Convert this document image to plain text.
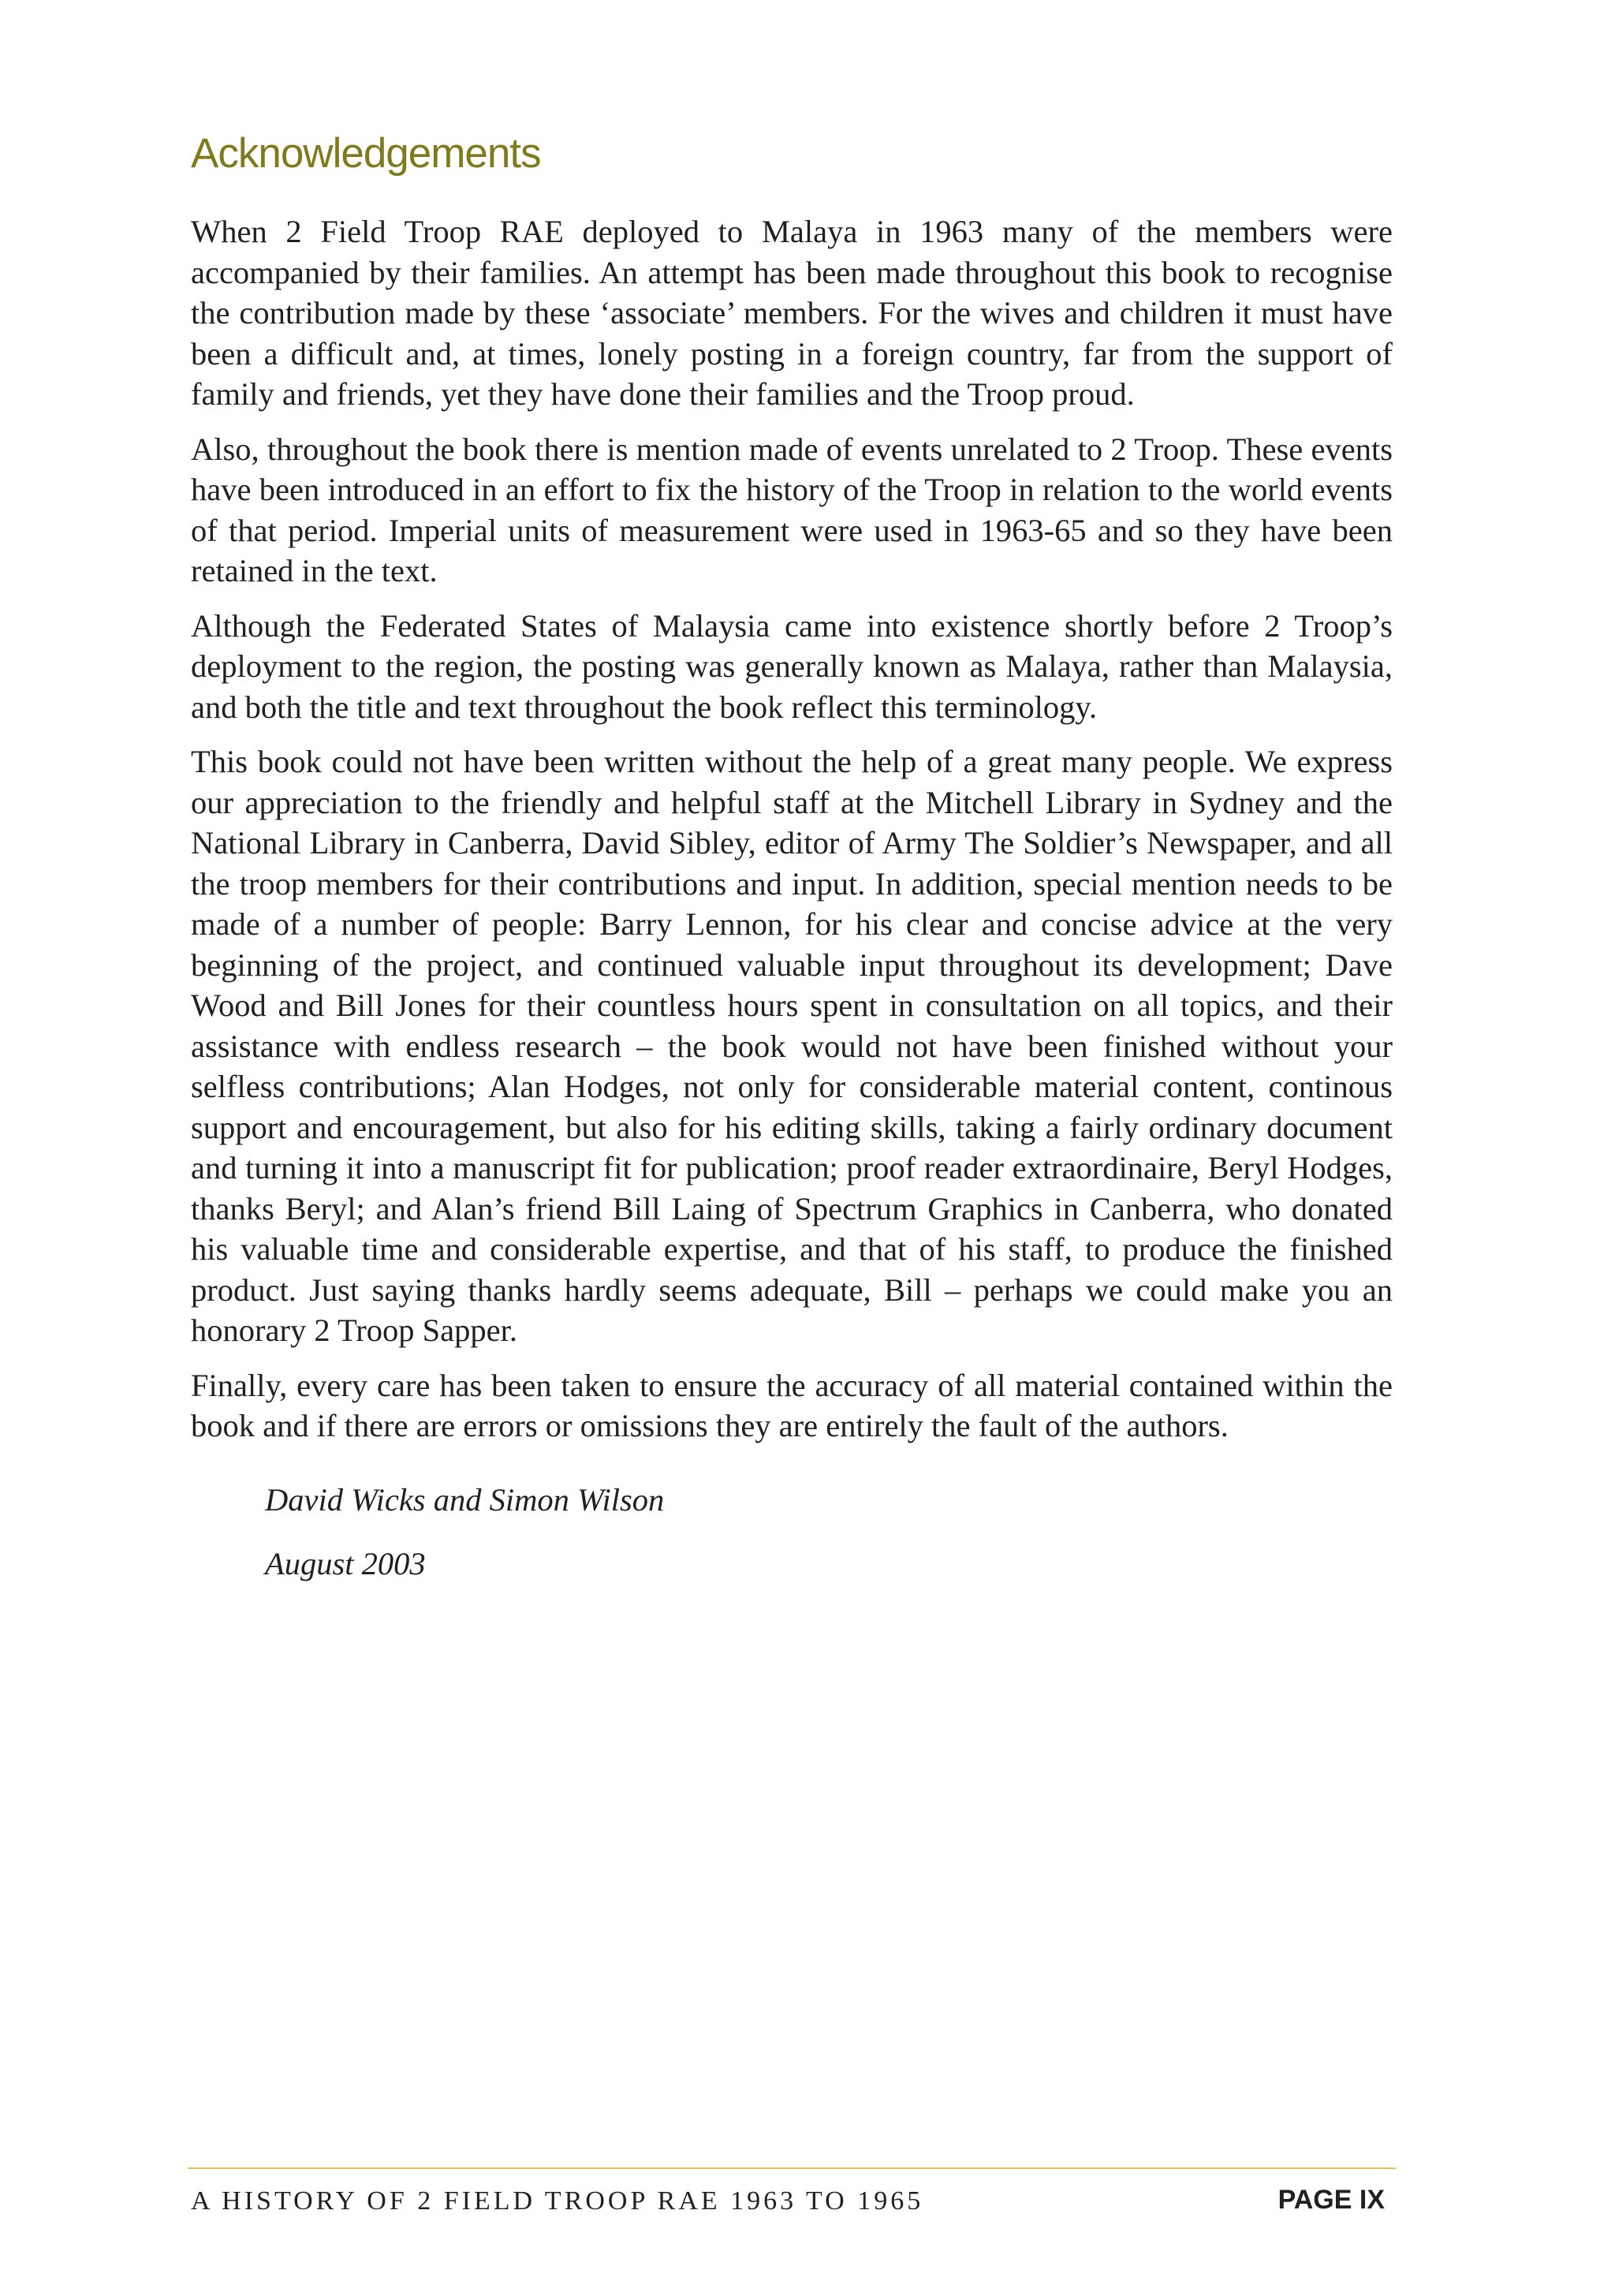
Acknowledgements

When 2 Field Troop RAE deployed to Malaya in 1963 many of the members were accompanied by their families. An attempt has been made throughout this book to recognise the contribution made by these ‘associate’ members. For the wives and children it must have been a difficult and, at times, lonely posting in a foreign country, far from the support of family and friends, yet they have done their families and the Troop proud.

Also, throughout the book there is mention made of events unrelated to 2 Troop. These events have been introduced in an effort to fix the history of the Troop in relation to the world events of that period. Imperial units of measurement were used in 1963-65 and so they have been retained in the text.

Although the Federated States of Malaysia came into existence shortly before 2 Troop’s deployment to the region, the posting was generally known as Malaya, rather than Malaysia, and both the title and text throughout the book reflect this terminology.

This book could not have been written without the help of a great many people. We express our appreciation to the friendly and helpful staff at the Mitchell Library in Sydney and the National Library in Canberra, David Sibley, editor of Army The Soldier’s Newspaper, and all the troop members for their contributions and input. In addition, special mention needs to be made of a number of people: Barry Lennon, for his clear and concise advice at the very beginning of the project, and continued valuable input throughout its development; Dave Wood and Bill Jones for their countless hours spent in consultation on all topics, and their assistance with endless research – the book would not have been finished without your selfless contributions; Alan Hodges, not only for considerable material content, continous support and encouragement, but also for his editing skills, taking a fairly ordinary document and turning it into a manuscript fit for publication; proof reader extraordinaire, Beryl Hodges, thanks Beryl; and Alan’s friend Bill Laing of Spectrum Graphics in Canberra, who donated his valuable time and considerable expertise, and that of his staff, to produce the finished product. Just saying thanks hardly seems adequate, Bill – perhaps we could make you an honorary 2 Troop Sapper.

Finally, every care has been taken to ensure the accuracy of all material contained within the book and if there are errors or omissions they are entirely the fault of the authors.

David Wicks and Simon Wilson
August 2003
A HISTORY OF 2 FIELD TROOP RAE 1963 TO 1965	PAGE IX
